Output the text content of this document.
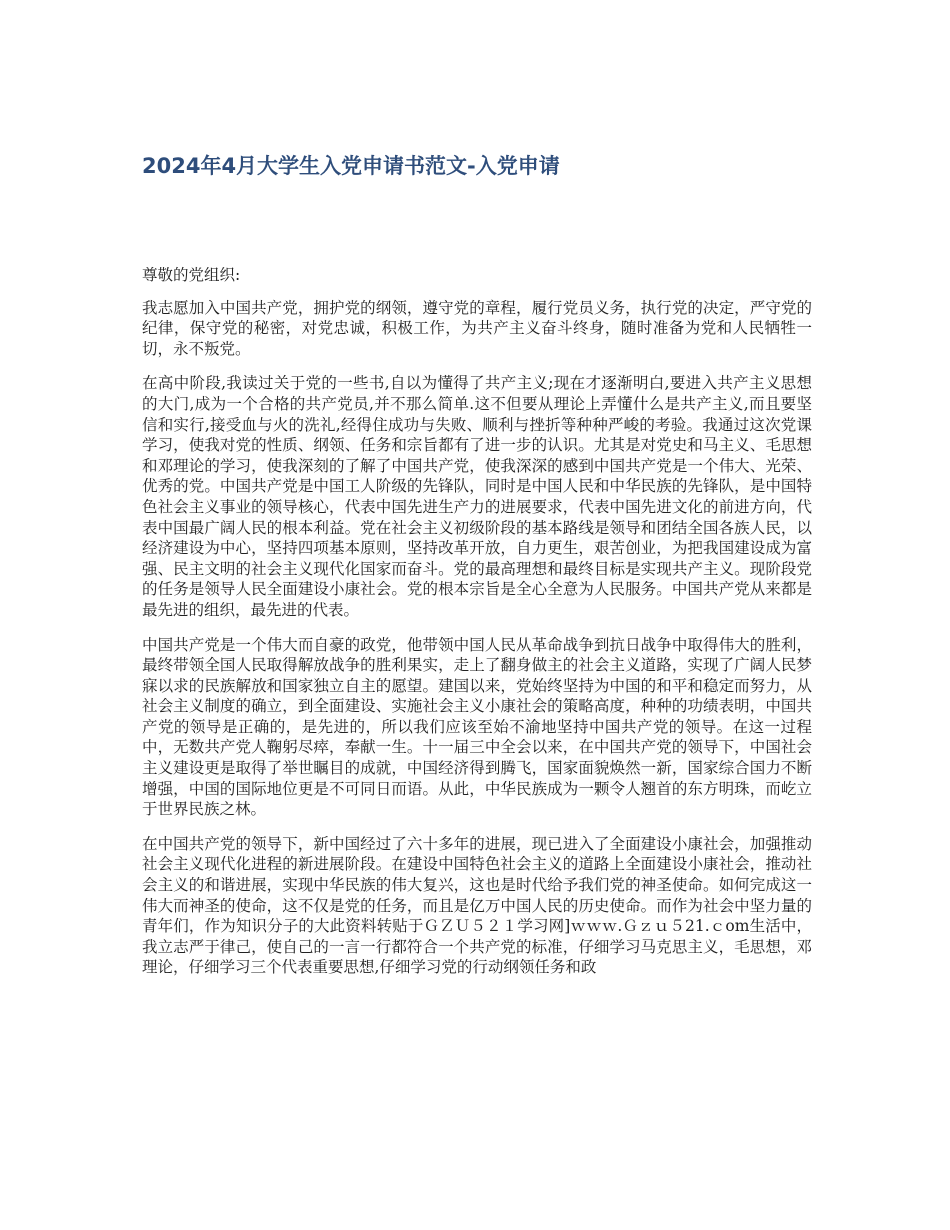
2024年4月大学生入党申请书范文-入党申请

尊敬的党组织:

我志愿加入中国共产党，拥护党的纲领，遵守党的章程，履行党员义务，执行党的决定，严守党的纪律，保守党的秘密，对党忠诚，积极工作，为共产主义奋斗终身，随时准备为党和人民牺牲一切，永不叛党。

在高中阶段,我读过关于党的一些书,自以为懂得了共产主义;现在才逐渐明白,要进入共产主义思想的大门,成为一个合格的共产党员,并不那么简单.这不但要从理论上弄懂什么是共产主义,而且要坚信和实行,接受血与火的洗礼,经得住成功与失败、顺利与挫折等种种严峻的考验。我通过这次党课学习，使我对党的性质、纲领、任务和宗旨都有了进一步的认识。尤其是对党史和马主义、毛思想和邓理论的学习，使我深刻的了解了中国共产党，使我深深的感到中国共产党是一个伟大、光荣、优秀的党。中国共产党是中国工人阶级的先锋队，同时是中国人民和中华民族的先锋队，是中国特色社会主义事业的领导核心，代表中国先进生产力的进展要求，代表中国先进文化的前进方向，代表中国最广阔人民的根本利益。党在社会主义初级阶段的基本路线是领导和团结全国各族人民，以经济建设为中心，坚持四项基本原则，坚持改革开放，自力更生，艰苦创业，为把我国建设成为富强、民主文明的社会主义现代化国家而奋斗。党的最高理想和最终目标是实现共产主义。现阶段党的任务是领导人民全面建设小康社会。党的根本宗旨是全心全意为人民服务。中国共产党从来都是最先进的组织，最先进的代表。

中国共产党是一个伟大而自豪的政党，他带领中国人民从革命战争到抗日战争中取得伟大的胜利，最终带领全国人民取得解放战争的胜利果实，走上了翻身做主的社会主义道路，实现了广阔人民梦寐以求的民族解放和国家独立自主的愿望。建国以来，党始终坚持为中国的和平和稳定而努力，从社会主义制度的确立，到全面建设、实施社会主义小康社会的策略高度，种种的功绩表明，中国共产党的领导是正确的，是先进的，所以我们应该至始不渝地坚持中国共产党的领导。在这一过程中，无数共产党人鞠躬尽瘁，奉献一生。十一届三中全会以来，在中国共产党的领导下，中国社会主义建设更是取得了举世瞩目的成就，中国经济得到腾飞，国家面貌焕然一新，国家综合国力不断增强，中国的国际地位更是不可同日而语。从此，中华民族成为一颗令人翘首的东方明珠，而屹立于世界民族之林。

在中国共产党的领导下，新中国经过了六十多年的进展，现已进入了全面建设小康社会，加强推动社会主义现代化进程的新进展阶段。在建设中国特色社会主义的道路上全面建设小康社会，推动社会主义的和谐进展，实现中华民族的伟大复兴，这也是时代给予我们党的神圣使命。如何完成这一伟大而神圣的使命，这不仅是党的任务，而且是亿万中国人民的历史使命。而作为社会中坚力量的青年们，作为知识分子的大此资料转贴于ＧＺＵ５２１学习网]ｗｗｗ.Ｇｚｕ５21.ｃom生活中，我立志严于律己，使自己的一言一行都符合一个共产党的标准，仔细学习马克思主义，毛思想，邓理论，仔细学习三个代表重要思想,仔细学习党的行动纲领任务和政
